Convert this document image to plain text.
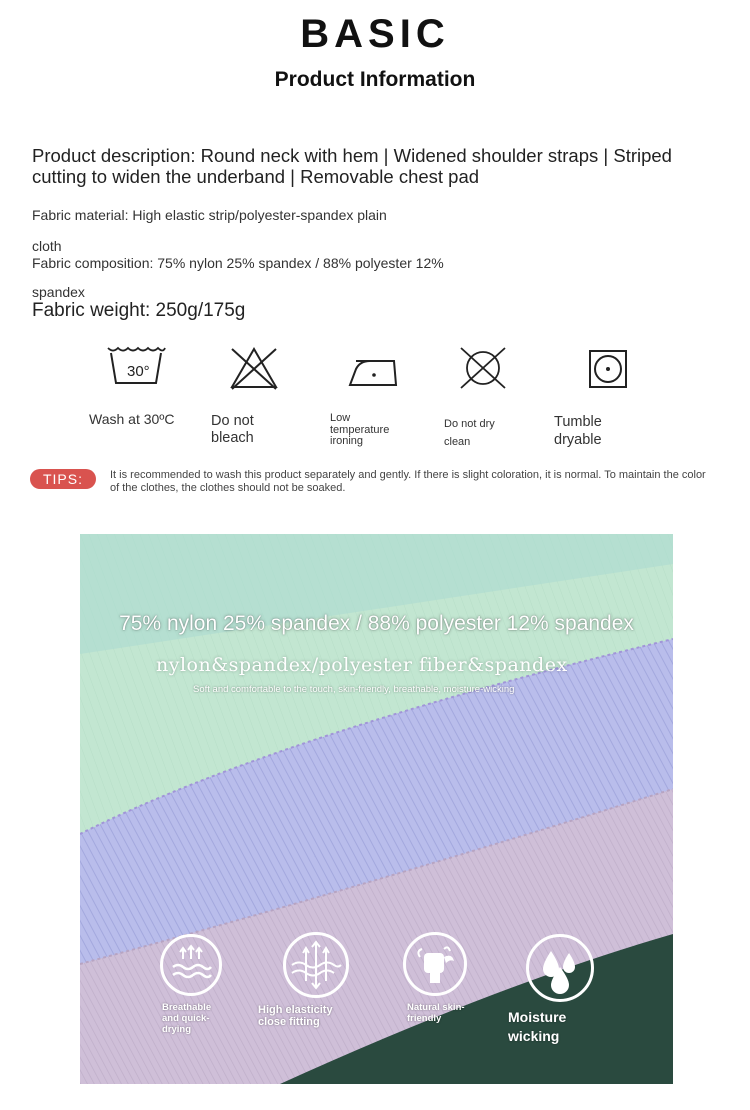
BASIC
Product Information
Product description: Round neck with hem | Widened shoulder straps | Striped cutting to widen the underband | Removable chest pad
Fabric material: High elastic strip/polyester-spandex plain
cloth
Fabric composition: 75% nylon 25% spandex / 88% polyester 12%
spandex
Fabric weight: 250g/175g
30°
Wash at 30ºC	Do not bleach
Low temperature ironing
Do not dry clean
Tumble dryable
TIPS:	It is recommended to wash this product separately and gently. If there is slight coloration, it is normal. To maintain the color of the clothes, the clothes should not be soaked.
75% nylon 25% spandex / 88% polyester 12% spandex
nylon&spandex/polyester fiber&spandex
Soft and comfortable to the touch, skin-friendly, breathable, moisture-wicking
Breathable and quick-drying
High elasticity close fitting
Natural skin-friendly	Moisture wicking
